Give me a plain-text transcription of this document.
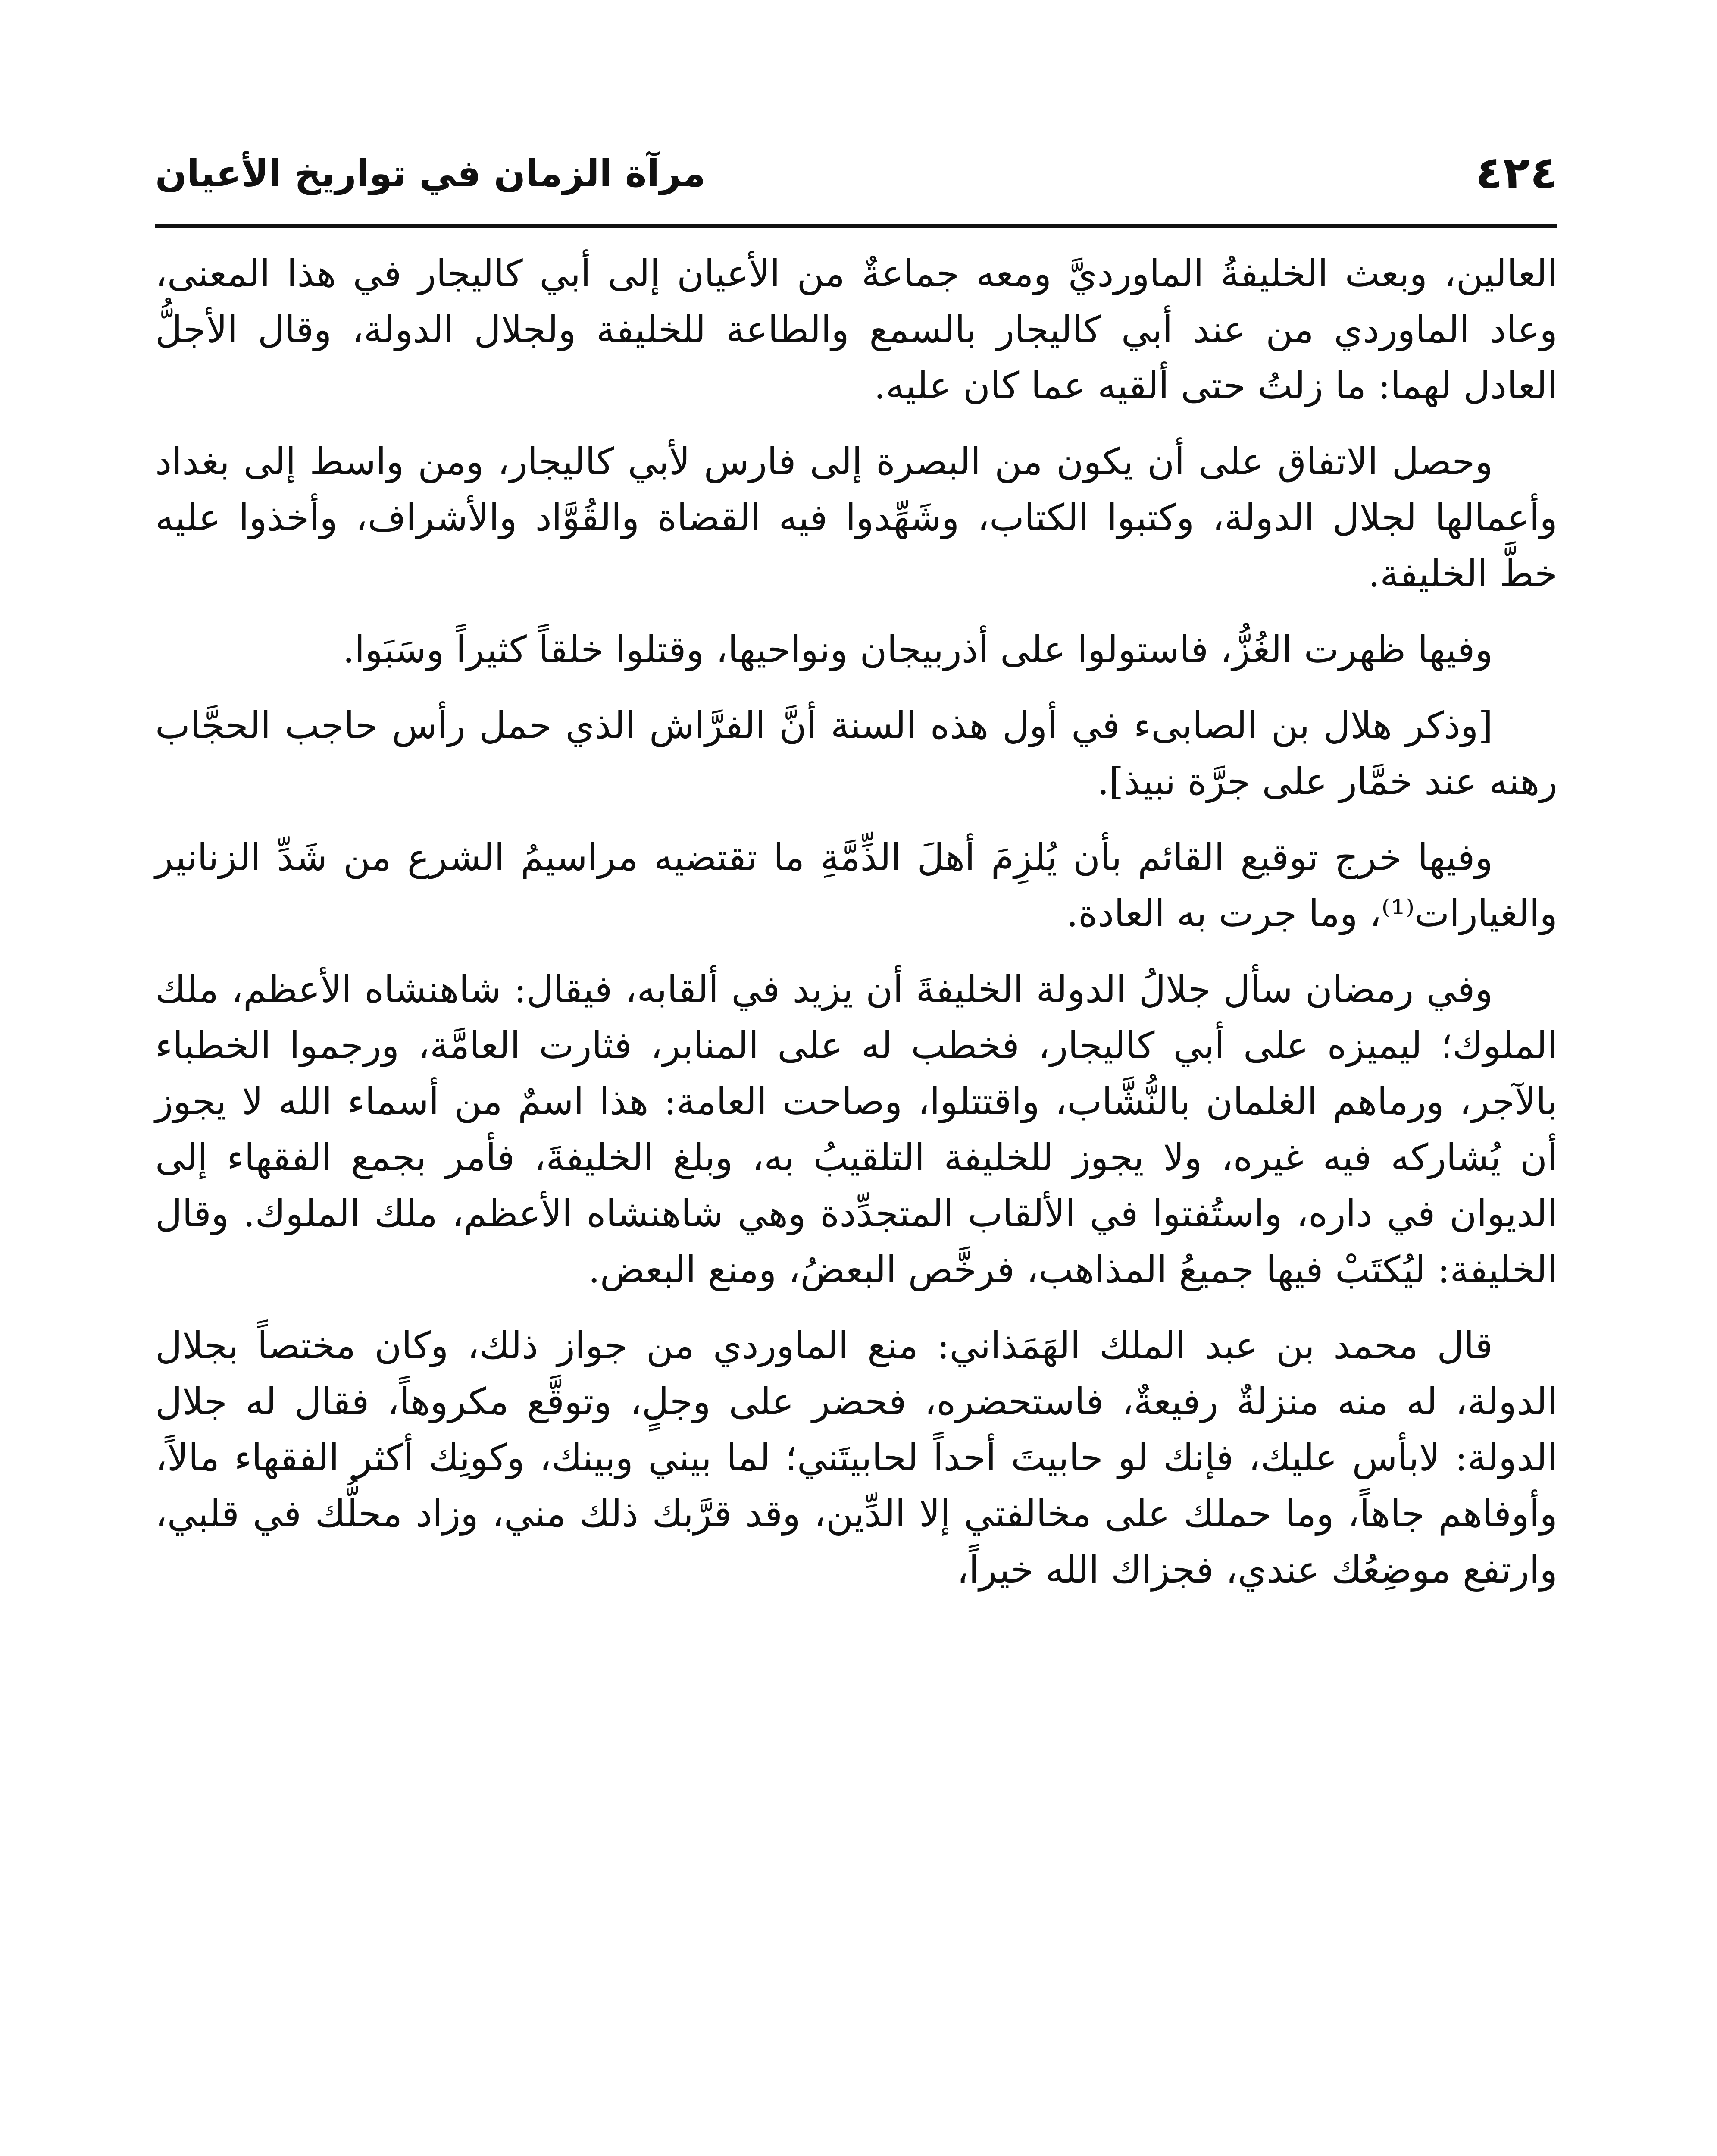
٤٢٤
مرآة الزمان في تواريخ الأعيان

العالين، وبعث الخليفةُ الماورديَّ ومعه جماعةٌ من الأعيان إلى أبي كاليجار في هذا المعنى، وعاد الماوردي من عند أبي كاليجار بالسمع والطاعة للخليفة ولجلال الدولة، وقال الأجلُّ العادل لهما: ما زلتُ حتى ألقيه عما كان عليه.

وحصل الاتفاق على أن يكون من البصرة إلى فارس لأبي كاليجار، ومن واسط إلى بغداد وأعمالها لجلال الدولة، وكتبوا الكتاب، وشَهِّدوا فيه القضاة والقُوَّاد والأشراف، وأخذوا عليه خطَّ الخليفة.

وفيها ظهرت الغُزُّ، فاستولوا على أذربيجان ونواحيها، وقتلوا خلقاً كثيراً وسَبَوا.

[وذكر هلال بن الصابىء في أول هذه السنة أنَّ الفرَّاش الذي حمل رأس حاجب الحجَّاب رهنه عند خمَّار على جرَّة نبيذ].

وفيها خرج توقيع القائم بأن يُلزِمَ أهلَ الذِّمَّةِ ما تقتضيه مراسيمُ الشرع من شَدِّ الزنانير والغيارات⁽¹⁾، وما جرت به العادة.

وفي رمضان سأل جلالُ الدولة الخليفةَ أن يزيد في ألقابه، فيقال: شاهنشاه الأعظم، ملك الملوك؛ ليميزه على أبي كاليجار، فخطب له على المنابر، فثارت العامَّة، ورجموا الخطباء بالآجر، ورماهم الغلمان بالنُّشَّاب، واقتتلوا، وصاحت العامة: هذا اسمٌ من أسماء الله لا يجوز أن يُشاركه فيه غيره، ولا يجوز للخليفة التلقيبُ به، وبلغ الخليفةَ، فأمر بجمع الفقهاء إلى الديوان في داره، واستُفتوا في الألقاب المتجدِّدة وهي شاهنشاه الأعظم، ملك الملوك. وقال الخليفة: ليُكتَبْ فيها جميعُ المذاهب، فرخَّص البعضُ، ومنع البعض.

قال محمد بن عبد الملك الهَمَذاني: منع الماوردي من جواز ذلك، وكان مختصاً بجلال الدولة، له منه منزلةٌ رفيعةٌ، فاستحضره، فحضر على وجلٍ، وتوقَّع مكروهاً، فقال له جلال الدولة: لابأس عليك، فإنك لو حابيتَ أحداً لحابيتَني؛ لما بيني وبينك، وكونِك أكثر الفقهاء مالاً، وأوفاهم جاهاً، وما حملك على مخالفتي إلا الدِّين، وقد قرَّبك ذلك مني، وزاد محلُّك في قلبي، وارتفع موضِعُك عندي، فجزاك الله خيراً،
